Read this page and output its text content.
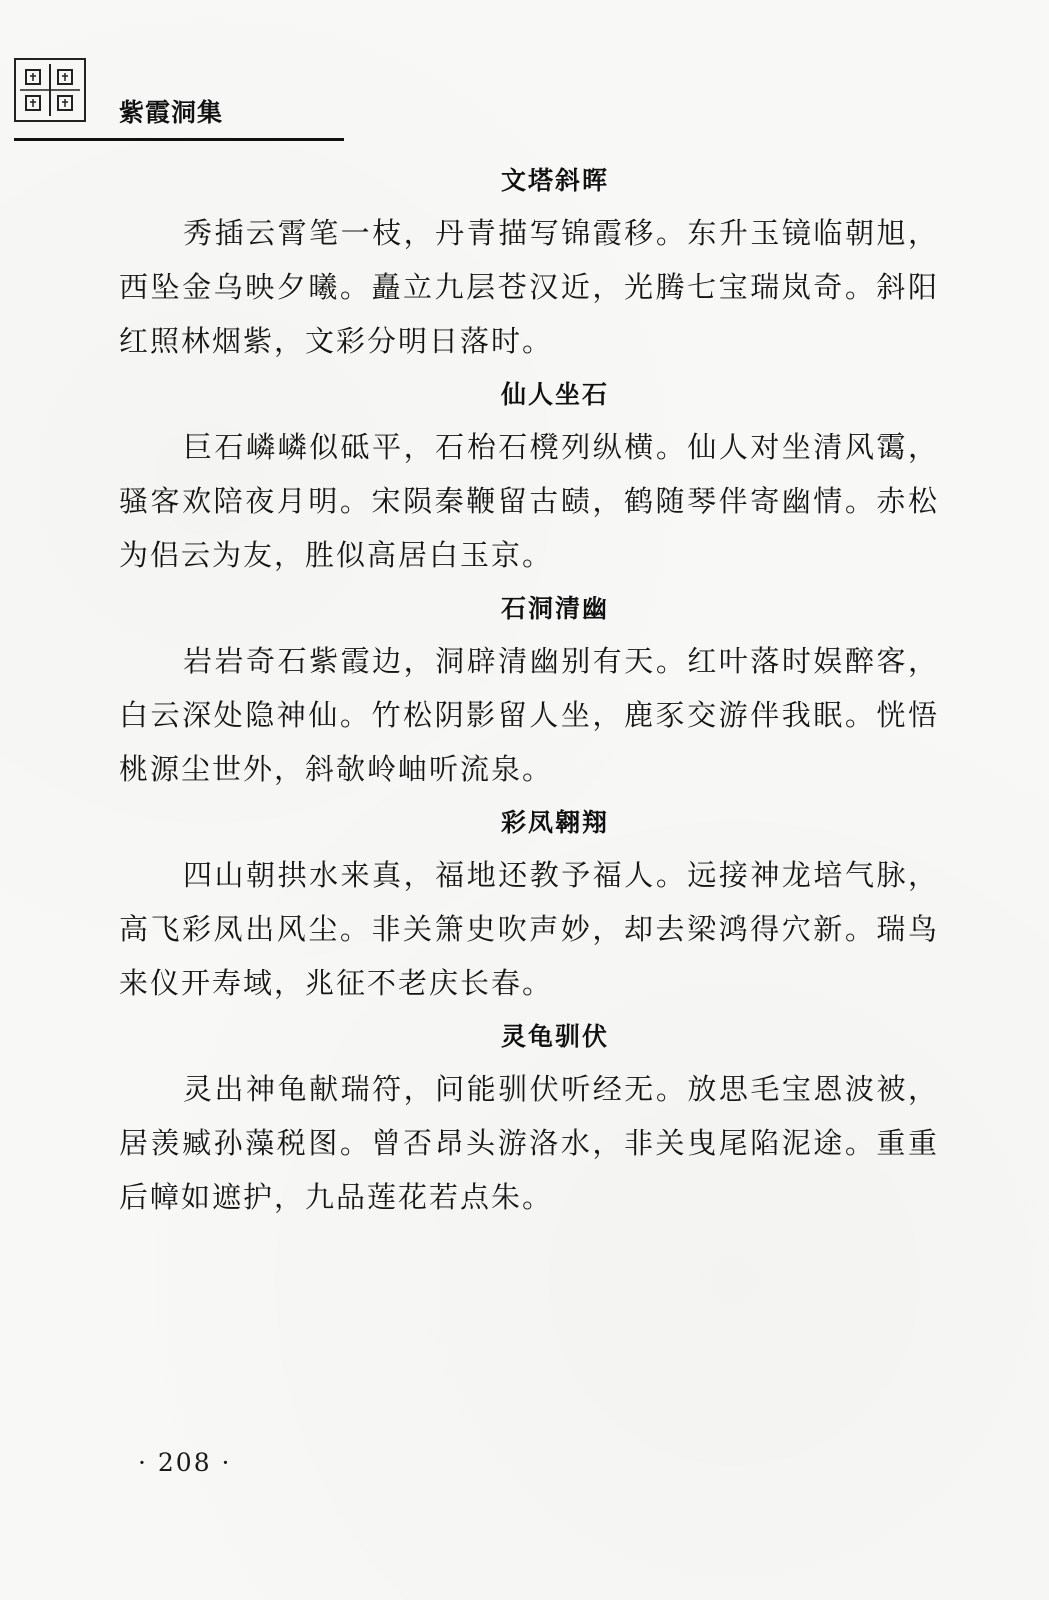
紫霞洞集
文塔斜晖

秀插云霄笔一枝，丹青描写锦霞移。东升玉镜临朝旭，西坠金乌映夕曦。矗立九层苍汉近，光腾七宝瑞岚奇。斜阳红照林烟紫，文彩分明日落时。

仙人坐石

巨石嶙嶙似砥平，石枱石櫈列纵横。仙人对坐清风霭，骚客欢陪夜月明。宋陨秦鞭留古赜，鹤随琴伴寄幽情。赤松为侣云为友，胜似高居白玉京。

石洞清幽

岩岩奇石紫霞边，洞辟清幽别有天。红叶落时娱醉客，白云深处隐神仙。竹松阴影留人坐，鹿豕交游伴我眠。恍悟桃源尘世外，斜欹岭岫听流泉。

彩凤翱翔

四山朝拱水来真，福地还教予福人。远接神龙培气脉，高飞彩凤出风尘。非关箫史吹声妙，却去梁鸿得穴新。瑞鸟来仪开寿域，兆征不老庆长春。

灵龟驯伏

灵出神龟献瑞符，问能驯伏听经无。放思毛宝恩波被，居羡臧孙藻税图。曾否昂头游洛水，非关曳尾陷泥途。重重后幛如遮护，九品莲花若点朱。

· 208 ·
